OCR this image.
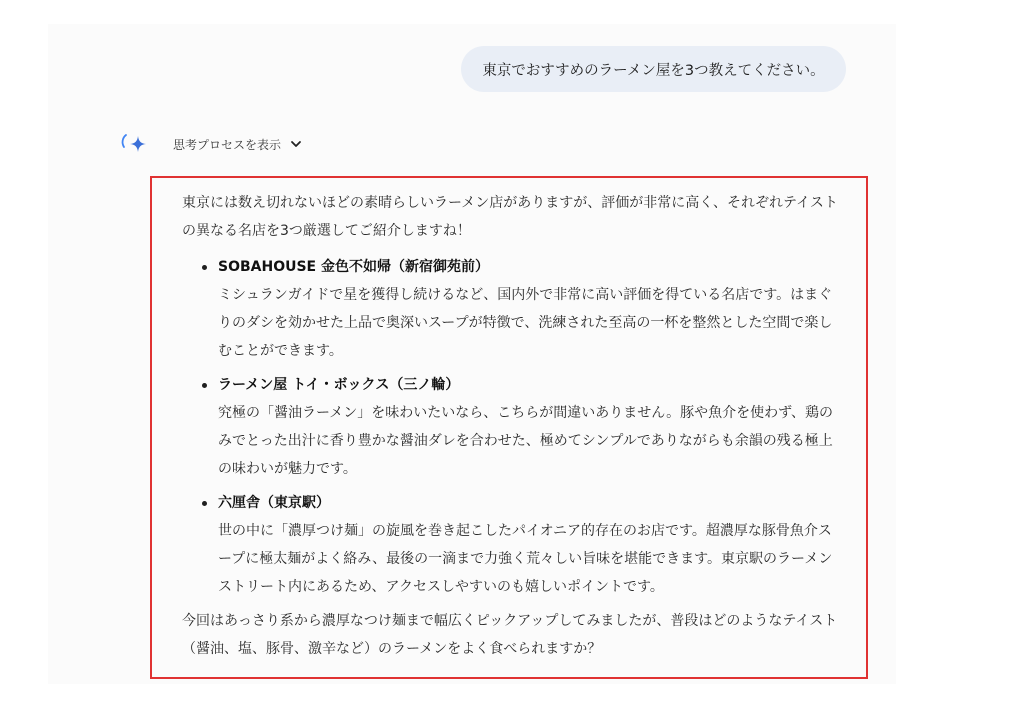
東京でおすすめのラーメン屋を3つ教えてください。
思考プロセスを表示

東京には数え切れないほどの素晴らしいラーメン店がありますが、評価が非常に高く、それぞれテイストの異なる名店を3つ厳選してご紹介しますね！

SOBAHOUSE 金色不如帰（新宿御苑前）
ミシュランガイドで星を獲得し続けるなど、国内外で非常に高い評価を得ている名店です。はまぐりのダシを効かせた上品で奥深いスープが特徴で、洗練された至高の一杯を整然とした空間で楽しむことができます。
ラーメン屋 トイ・ボックス（三ノ輪）
究極の「醤油ラーメン」を味わいたいなら、こちらが間違いありません。豚や魚介を使わず、鶏のみでとった出汁に香り豊かな醤油ダレを合わせた、極めてシンプルでありながらも余韻の残る極上の味わいが魅力です。
六厘舎（東京駅）
世の中に「濃厚つけ麺」の旋風を巻き起こしたパイオニア的存在のお店です。超濃厚な豚骨魚介スープに極太麺がよく絡み、最後の一滴まで力強く荒々しい旨味を堪能できます。東京駅のラーメンストリート内にあるため、アクセスしやすいのも嬉しいポイントです。

今回はあっさり系から濃厚なつけ麺まで幅広くピックアップしてみましたが、普段はどのようなテイスト（醤油、塩、豚骨、激辛など）のラーメンをよく食べられますか？
